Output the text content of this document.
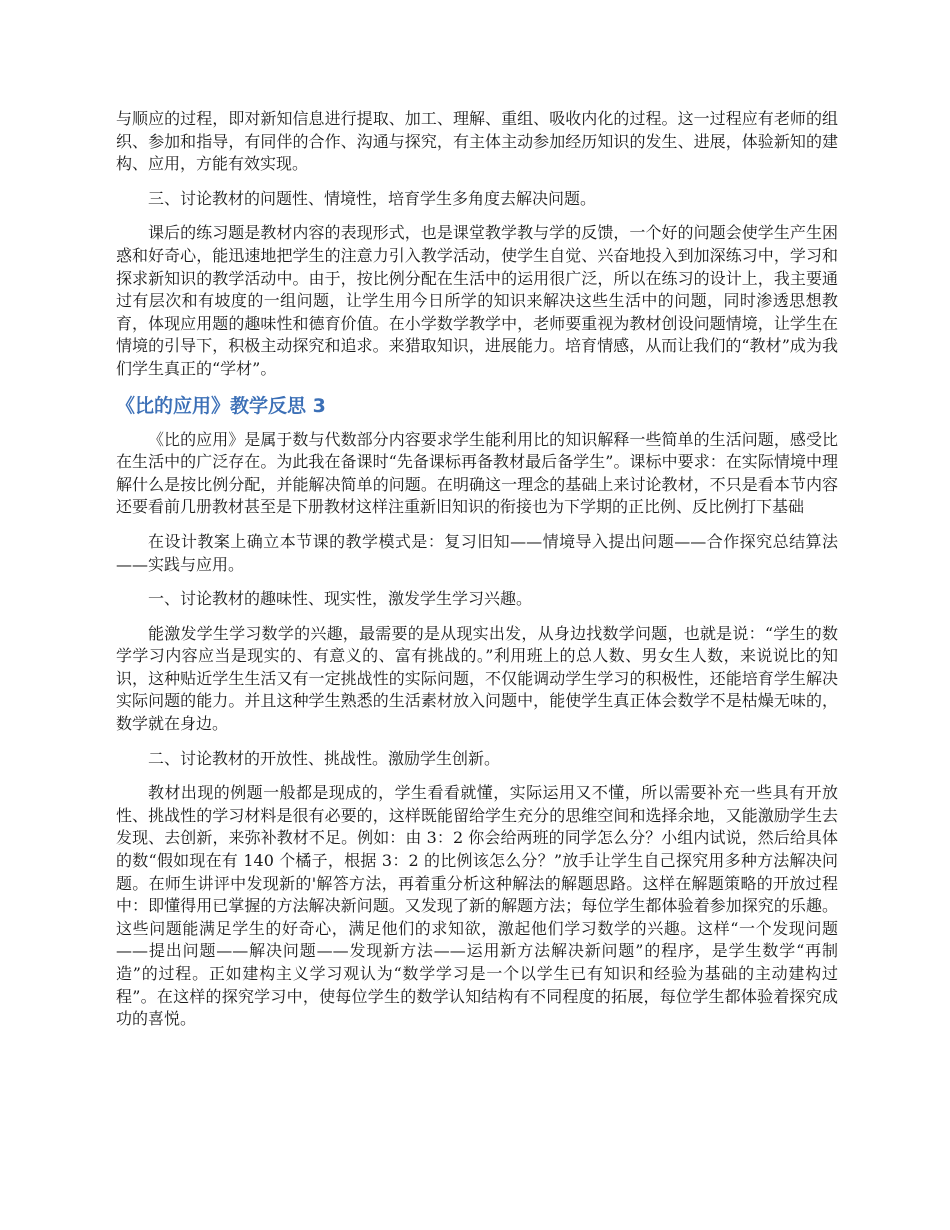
与顺应的过程，即对新知信息进行提取、加工、理解、重组、吸收内化的过程。这一过程应有老师的组织、参加和指导，有同伴的合作、沟通与探究，有主体主动参加经历知识的发生、进展，体验新知的建构、应用，方能有效实现。

三、讨论教材的问题性、情境性，培育学生多角度去解决问题。

课后的练习题是教材内容的表现形式，也是课堂教学教与学的反馈，一个好的问题会使学生产生困惑和好奇心，能迅速地把学生的注意力引入教学活动，使学生自觉、兴奋地投入到加深练习中，学习和探求新知识的教学活动中。由于，按比例分配在生活中的运用很广泛，所以在练习的设计上，我主要通过有层次和有坡度的一组问题，让学生用今日所学的知识来解决这些生活中的问题，同时渗透思想教育，体现应用题的趣味性和德育价值。在小学数学教学中，老师要重视为教材创设问题情境，让学生在情境的引导下，积极主动探究和追求。来猎取知识，进展能力。培育情感，从而让我们的“教材”成为我们学生真正的“学材”。

《比的应用》教学反思 3

《比的应用》是属于数与代数部分内容要求学生能利用比的知识解释一些简单的生活问题，感受比在生活中的广泛存在。为此我在备课时“先备课标再备教材最后备学生”。课标中要求：在实际情境中理解什么是按比例分配，并能解决简单的问题。在明确这一理念的基础上来讨论教材，不只是看本节内容还要看前几册教材甚至是下册教材这样注重新旧知识的衔接也为下学期的正比例、反比例打下基础

在设计教案上确立本节课的教学模式是：复习旧知——情境导入提出问题——合作探究总结算法——实践与应用。

一、讨论教材的趣味性、现实性，激发学生学习兴趣。

能激发学生学习数学的兴趣，最需要的是从现实出发，从身边找数学问题，也就是说：“学生的数学学习内容应当是现实的、有意义的、富有挑战的。”利用班上的总人数、男女生人数，来说说比的知识，这种贴近学生生活又有一定挑战性的实际问题，不仅能调动学生学习的积极性，还能培育学生解决实际问题的能力。并且这种学生熟悉的生活素材放入问题中，能使学生真正体会数学不是枯燥无味的，数学就在身边。

二、讨论教材的开放性、挑战性。激励学生创新。

教材出现的例题一般都是现成的，学生看看就懂，实际运用又不懂，所以需要补充一些具有开放性、挑战性的学习材料是很有必要的，这样既能留给学生充分的思维空间和选择余地，又能激励学生去发现、去创新，来弥补教材不足。例如：由 3：2 你会给两班的同学怎么分？小组内试说，然后给具体的数“假如现在有 140 个橘子，根据 3：2 的比例该怎么分？”放手让学生自己探究用多种方法解决问题。在师生讲评中发现新的'解答方法，再着重分析这种解法的解题思路。这样在解题策略的开放过程中：即懂得用已掌握的方法解决新问题。又发现了新的解题方法；每位学生都体验着参加探究的乐趣。这些问题能满足学生的好奇心，满足他们的求知欲，激起他们学习数学的兴趣。这样“一个发现问题——提出问题——解决问题——发现新方法——运用新方法解决新问题”的程序，是学生数学“再制造”的过程。正如建构主义学习观认为“数学学习是一个以学生已有知识和经验为基础的主动建构过程”。在这样的探究学习中，使每位学生的数学认知结构有不同程度的拓展，每位学生都体验着探究成功的喜悦。
